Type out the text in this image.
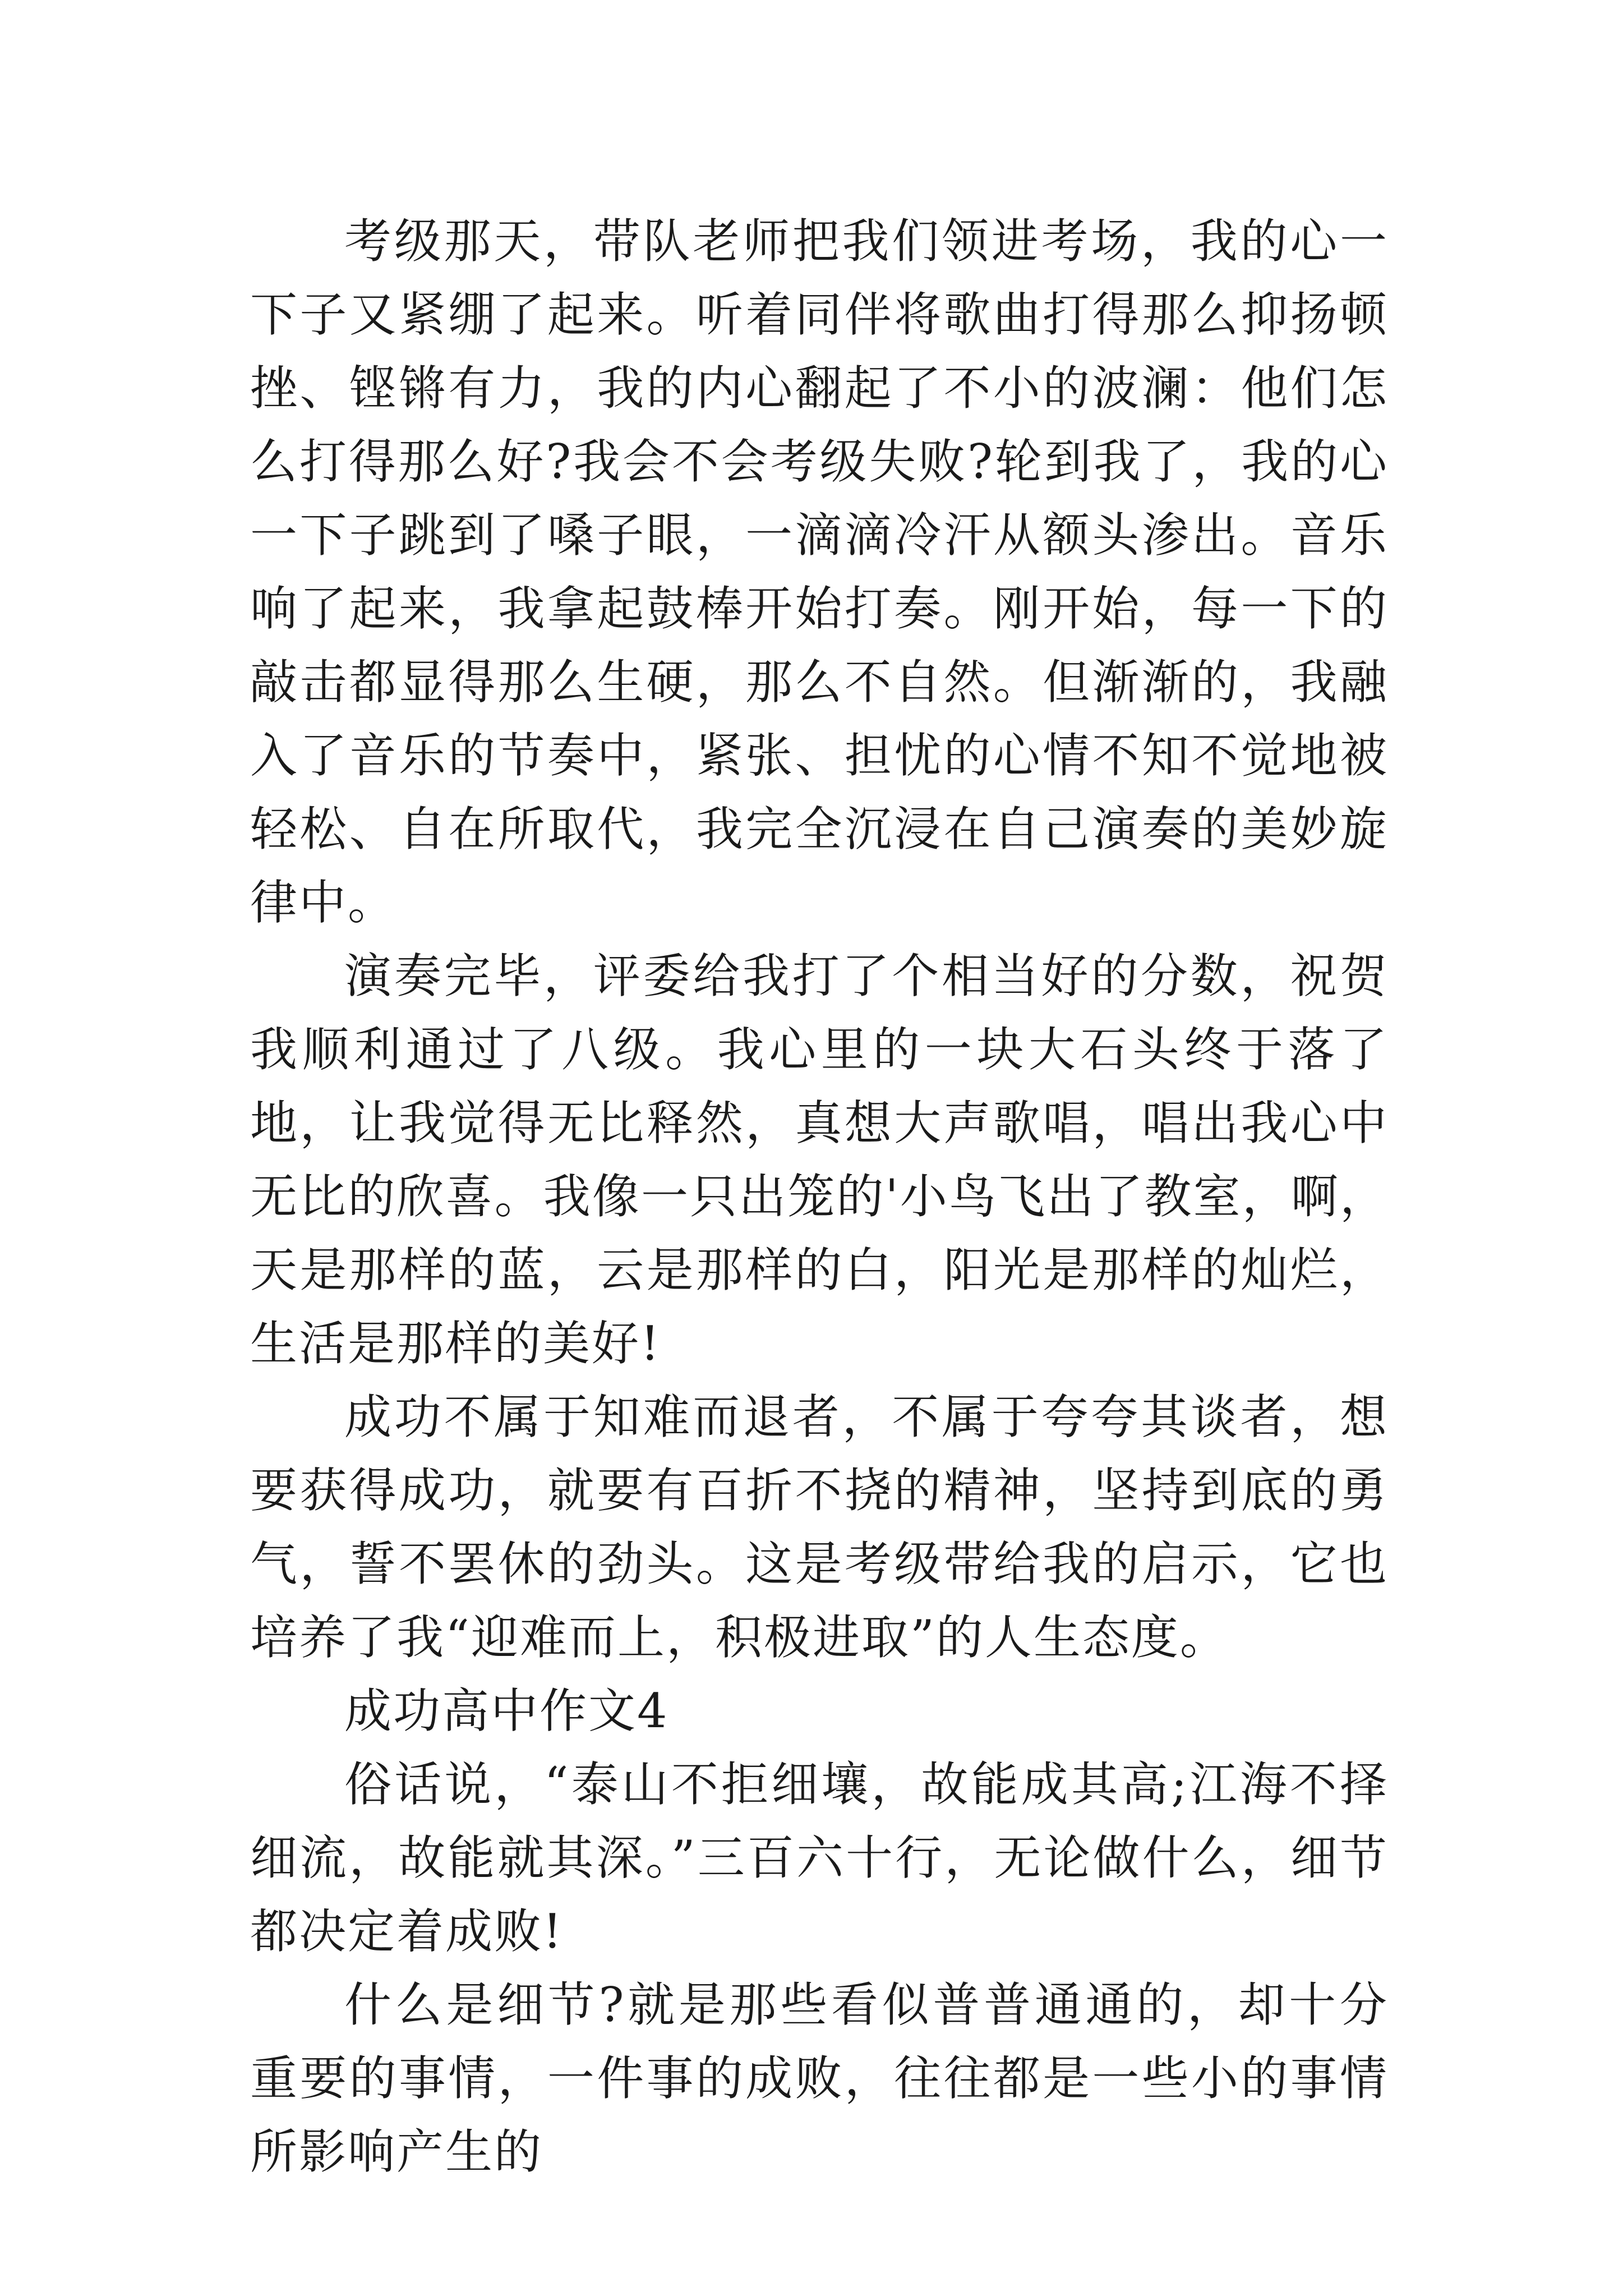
考级那天，带队老师把我们领进考场，我的心一下子又紧绷了起来。听着同伴将歌曲打得那么抑扬顿挫、铿锵有力，我的内心翻起了不小的波澜：他们怎么打得那么好?我会不会考级失败?轮到我了，我的心一下子跳到了嗓子眼，一滴滴冷汗从额头渗出。音乐响了起来，我拿起鼓棒开始打奏。刚开始，每一下的敲击都显得那么生硬，那么不自然。但渐渐的，我融入了音乐的节奏中，紧张、担忧的心情不知不觉地被轻松、自在所取代，我完全沉浸在自己演奏的美妙旋律中。

演奏完毕，评委给我打了个相当好的分数，祝贺我顺利通过了八级。我心里的一块大石头终于落了地，让我觉得无比释然，真想大声歌唱，唱出我心中无比的欣喜。我像一只出笼的'小鸟飞出了教室，啊，天是那样的蓝，云是那样的白，阳光是那样的灿烂，生活是那样的美好!

成功不属于知难而退者，不属于夸夸其谈者，想要获得成功，就要有百折不挠的精神，坚持到底的勇气，誓不罢休的劲头。这是考级带给我的启示，它也培养了我“迎难而上，积极进取”的人生态度。

成功高中作文4

俗话说，“泰山不拒细壤，故能成其高;江海不择细流，故能就其深。”三百六十行，无论做什么，细节都决定着成败!

什么是细节?就是那些看似普普通通的，却十分重要的事情，一件事的成败，往往都是一些小的事情所影响产生的
